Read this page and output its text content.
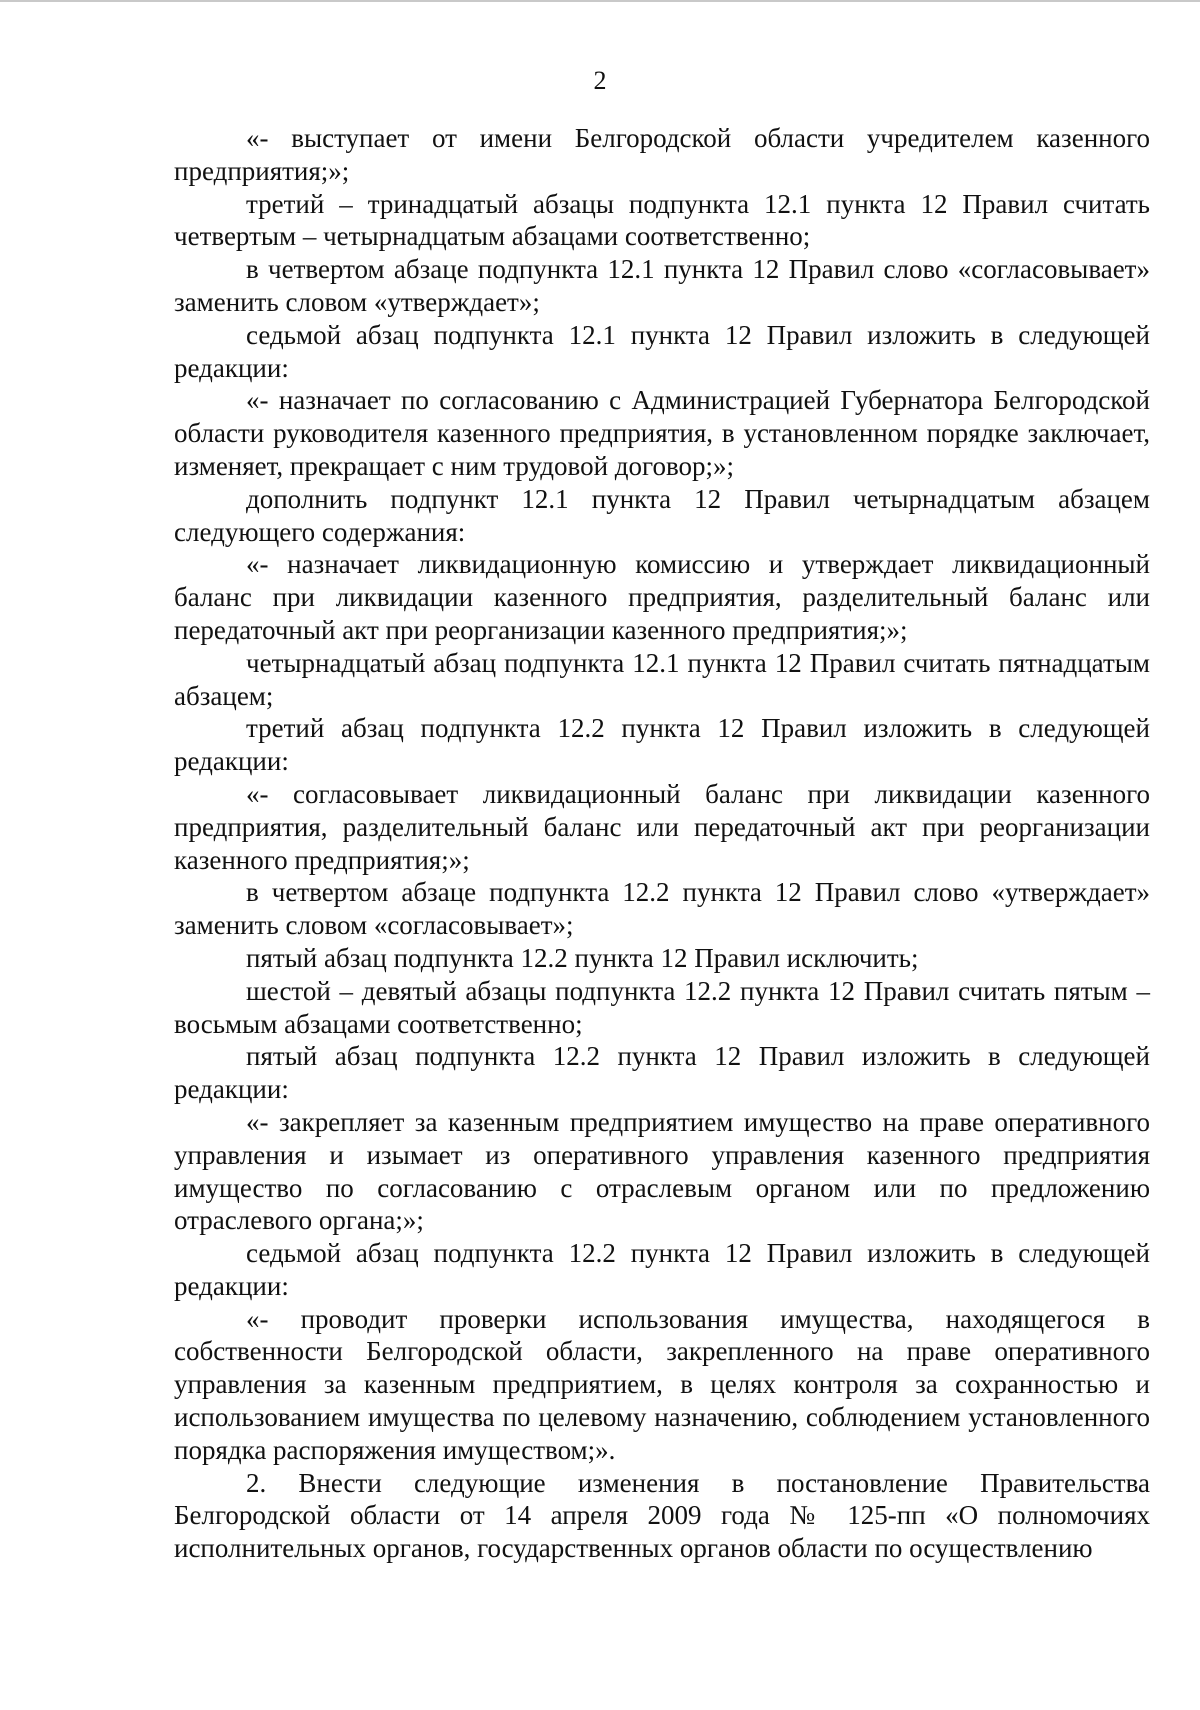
2

«- выступает от имени Белгородской области учредителем казенного предприятия;»;

третий – тринадцатый абзацы подпункта 12.1 пункта 12 Правил считать четвертым – четырнадцатым абзацами соответственно;

в четвертом абзаце подпункта 12.1 пункта 12 Правил слово «согласовывает» заменить словом «утверждает»;

седьмой абзац подпункта 12.1 пункта 12 Правил изложить в следующей редакции:

«- назначает по согласованию с Администрацией Губернатора Белгородской области руководителя казенного предприятия, в установленном порядке заключает, изменяет, прекращает с ним трудовой договор;»;

дополнить подпункт 12.1 пункта 12 Правил четырнадцатым абзацем следующего содержания:

«- назначает ликвидационную комиссию и утверждает ликвидационный баланс при ликвидации казенного предприятия, разделительный баланс или передаточный акт при реорганизации казенного предприятия;»;

четырнадцатый абзац подпункта 12.1 пункта 12 Правил считать пятнадцатым абзацем;

третий абзац подпункта 12.2 пункта 12 Правил изложить в следующей редакции:

«- согласовывает ликвидационный баланс при ликвидации казенного предприятия, разделительный баланс или передаточный акт при реорганизации казенного предприятия;»;

в четвертом абзаце подпункта 12.2 пункта 12 Правил слово «утверждает» заменить словом «согласовывает»;

пятый абзац подпункта 12.2 пункта 12 Правил исключить;

шестой – девятый абзацы подпункта 12.2 пункта 12 Правил считать пятым – восьмым абзацами соответственно;

пятый абзац подпункта 12.2 пункта 12 Правил изложить в следующей редакции:

«- закрепляет за казенным предприятием имущество на праве оперативного управления и изымает из оперативного управления казенного предприятия имущество по согласованию с отраслевым органом или по предложению отраслевого органа;»;

седьмой абзац подпункта 12.2 пункта 12 Правил изложить в следующей редакции:

«- проводит проверки использования имущества, находящегося в собственности Белгородской области, закрепленного на праве оперативного управления за казенным предприятием, в целях контроля за сохранностью и использованием имущества по целевому назначению, соблюдением установленного порядка распоряжения имуществом;».

2. Внести следующие изменения в постановление Правительства Белгородской области от 14 апреля 2009 года № 125-пп «О полномочиях исполнительных органов, государственных органов области по осуществлению
